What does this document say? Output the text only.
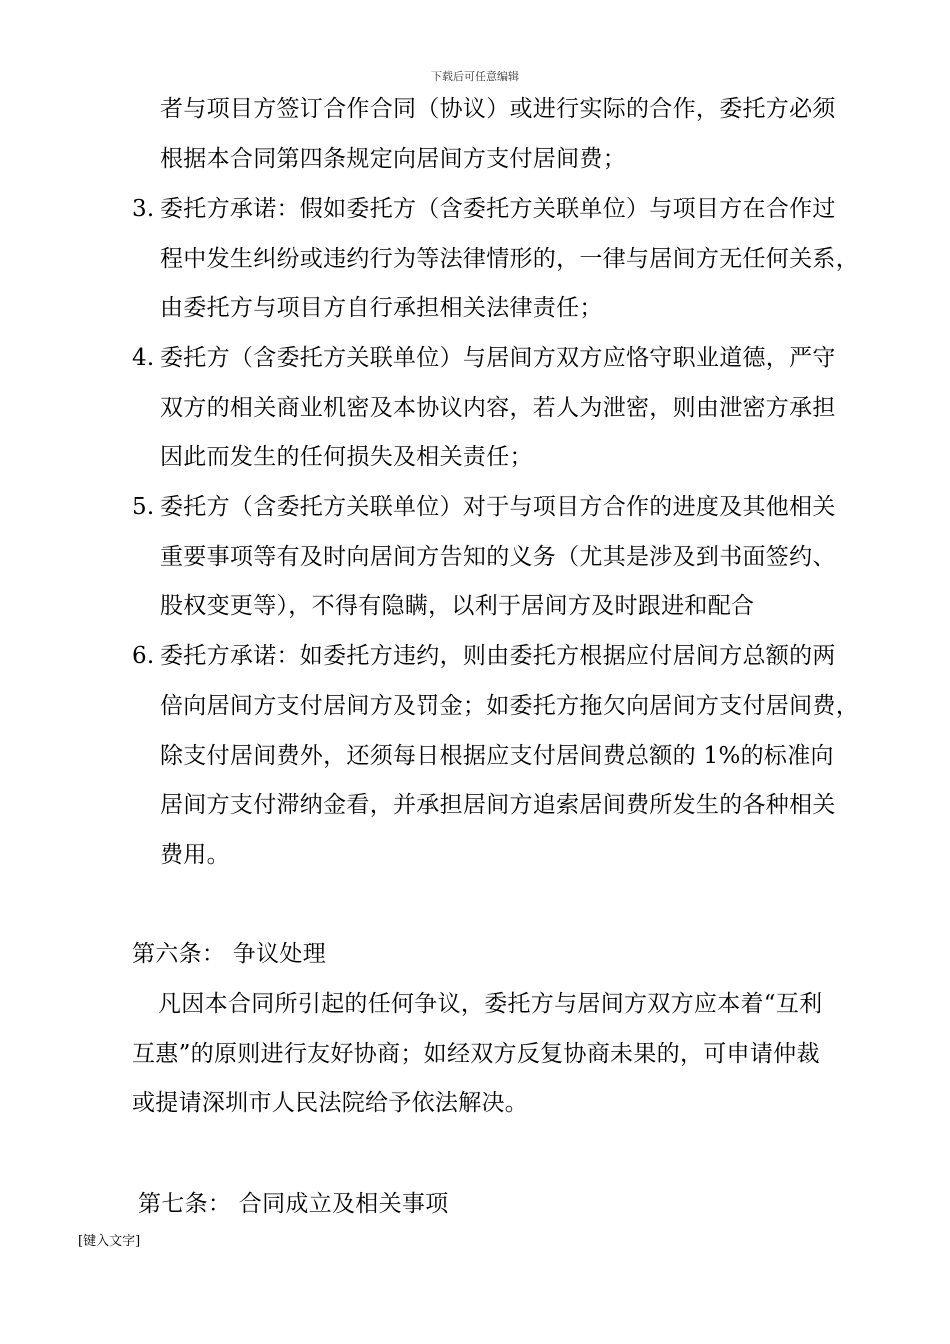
下载后可任意编辑
者与项目方签订合作合同（协议）或进行实际的合作，委托方必须
根据本合同第四条规定向居间方支付居间费；
3. 委托方承诺：假如委托方（含委托方关联单位）与项目方在合作过
程中发生纠纷或违约行为等法律情形的，一律与居间方无任何关系，
由委托方与项目方自行承担相关法律责任；
4. 委托方（含委托方关联单位）与居间方双方应恪守职业道德，严守
双方的相关商业机密及本协议内容，若人为泄密，则由泄密方承担
因此而发生的任何损失及相关责任；
5. 委托方（含委托方关联单位）对于与项目方合作的进度及其他相关
重要事项等有及时向居间方告知的义务（尤其是涉及到书面签约、
股权变更等），不得有隐瞒，以利于居间方及时跟进和配合
6. 委托方承诺：如委托方违约，则由委托方根据应付居间方总额的两
倍向居间方支付居间方及罚金；如委托方拖欠向居间方支付居间费，
除支付居间费外，还须每日根据应支付居间费总额的 1%的标准向
居间方支付滞纳金看，并承担居间方追索居间费所发生的各种相关
费用。
第六条： 争议处理
凡因本合同所引起的任何争议，委托方与居间方双方应本着“互利
互惠”的原则进行友好协商；如经双方反复协商未果的，可申请仲裁
或提请深圳市人民法院给予依法解决。
第七条： 合同成立及相关事项
[键入文字]
